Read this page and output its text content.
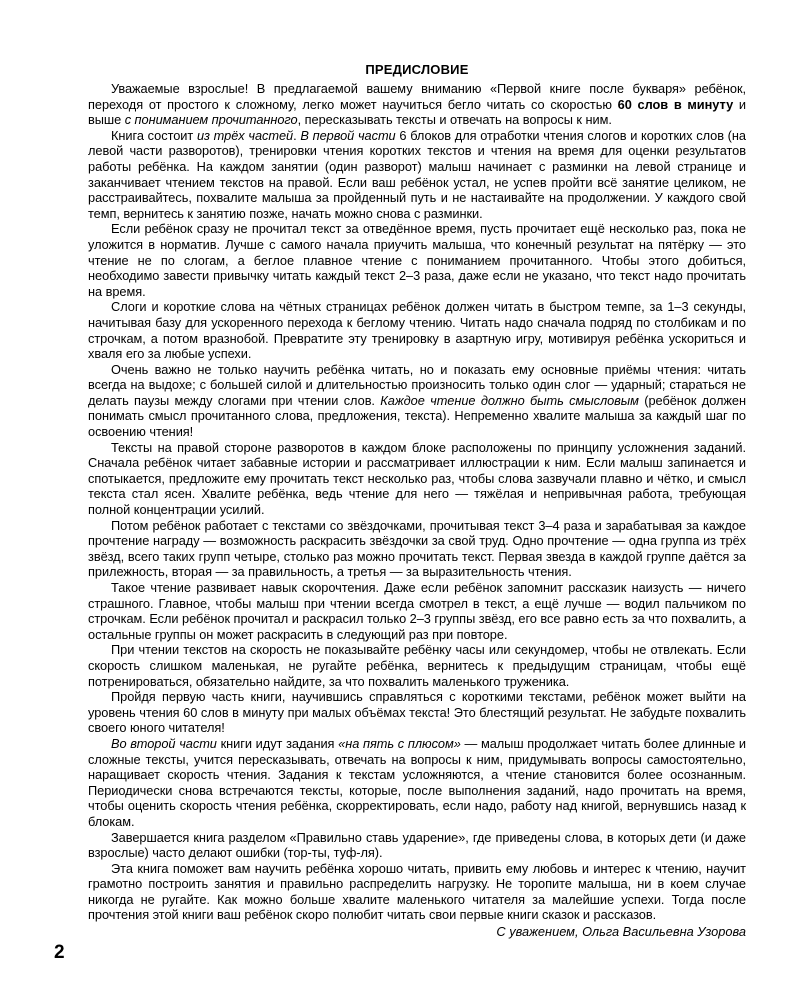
ПРЕДИСЛОВИЕ

Уважаемые взрослые! В предлагаемой вашему вниманию «Первой книге после букваря» ребёнок, переходя от простого к сложному, легко может научиться бегло читать со скоростью 60 слов в минуту и выше с пониманием прочитанного, пересказывать тексты и отвечать на вопросы к ним.

Книга состоит из трёх частей. В первой части 6 блоков для отработки чтения слогов и коротких слов (на левой части разворотов), тренировки чтения коротких текстов и чтения на время для оценки результатов работы ребёнка. На каждом занятии (один разворот) малыш начинает с разминки на левой странице и заканчивает чтением текстов на правой. Если ваш ребёнок устал, не успев пройти всё занятие целиком, не расстраивайтесь, похвалите малыша за пройденный путь и не настаивайте на продолжении. У каждого свой темп, вернитесь к занятию позже, начать можно снова с разминки.

Если ребёнок сразу не прочитал текст за отведённое время, пусть прочитает ещё несколько раз, пока не уложится в норматив. Лучше с самого начала приучить малыша, что конечный результат на пятёрку — это чтение не по слогам, а беглое плавное чтение с пониманием прочитанного. Чтобы этого добиться, необходимо завести привычку читать каждый текст 2–3 раза, даже если не указано, что текст надо прочитать на время.

Слоги и короткие слова на чётных страницах ребёнок должен читать в быстром темпе, за 1–3 секунды, начитывая базу для ускоренного перехода к беглому чтению. Читать надо сначала подряд по столбикам и по строчкам, а потом вразнобой. Превратите эту тренировку в азартную игру, мотивируя ребёнка ускориться и хваля его за любые успехи.

Очень важно не только научить ребёнка читать, но и показать ему основные приёмы чтения: читать всегда на выдохе; с большей силой и длительностью произносить только один слог — ударный; стараться не делать паузы между слогами при чтении слов. Каждое чтение должно быть смысловым (ребёнок должен понимать смысл прочитанного слова, предложения, текста). Непременно хвалите малыша за каждый шаг по освоению чтения!

Тексты на правой стороне разворотов в каждом блоке расположены по принципу усложнения заданий. Сначала ребёнок читает забавные истории и рассматривает иллюстрации к ним. Если малыш запинается и спотыкается, предложите ему прочитать текст несколько раз, чтобы слова зазвучали плавно и чётко, и смысл текста стал ясен. Хвалите ребёнка, ведь чтение для него — тяжёлая и непривычная работа, требующая полной концентрации усилий.

Потом ребёнок работает с текстами со звёздочками, прочитывая текст 3–4 раза и зарабатывая за каждое прочтение награду — возможность раскрасить звёздочки за свой труд. Одно прочтение — одна группа из трёх звёзд, всего таких групп четыре, столько раз можно прочитать текст. Первая звезда в каждой группе даётся за прилежность, вторая — за правильность, а третья — за выразительность чтения.

Такое чтение развивает навык скорочтения. Даже если ребёнок запомнит рассказик наизусть — ничего страшного. Главное, чтобы малыш при чтении всегда смотрел в текст, а ещё лучше — водил пальчиком по строчкам. Если ребёнок прочитал и раскрасил только 2–3 группы звёзд, его все равно есть за что похвалить, а остальные группы он может раскрасить в следующий раз при повторе.

При чтении текстов на скорость не показывайте ребёнку часы или секундомер, чтобы не отвлекать. Если скорость слишком маленькая, не ругайте ребёнка, вернитесь к предыдущим страницам, чтобы ещё потренироваться, обязательно найдите, за что похвалить маленького труженика.

Пройдя первую часть книги, научившись справляться с короткими текстами, ребёнок может выйти на уровень чтения 60 слов в минуту при малых объёмах текста! Это блестящий результат. Не забудьте похвалить своего юного читателя!

Во второй части книги идут задания «на пять с плюсом» — малыш продолжает читать более длинные и сложные тексты, учится пересказывать, отвечать на вопросы к ним, придумывать вопросы самостоятельно, наращивает скорость чтения. Задания к текстам усложняются, а чтение становится более осознанным. Периодически снова встречаются тексты, которые, после выполнения заданий, надо прочитать на время, чтобы оценить скорость чтения ребёнка, скорректировать, если надо, работу над книгой, вернувшись назад к блокам.

Завершается книга разделом «Правильно ставь ударение», где приведены слова, в которых дети (и даже взрослые) часто делают ошибки (тор-ты, туф-ля).

Эта книга поможет вам научить ребёнка хорошо читать, привить ему любовь и интерес к чтению, научит грамотно построить занятия и правильно распределить нагрузку. Не торопите малыша, ни в коем случае никогда не ругайте. Как можно больше хвалите маленького читателя за малейшие успехи. Тогда после прочтения этой книги ваш ребёнок скоро полюбит читать свои первые книги сказок и рассказов.

С уважением, Ольга Васильевна Узорова
2
